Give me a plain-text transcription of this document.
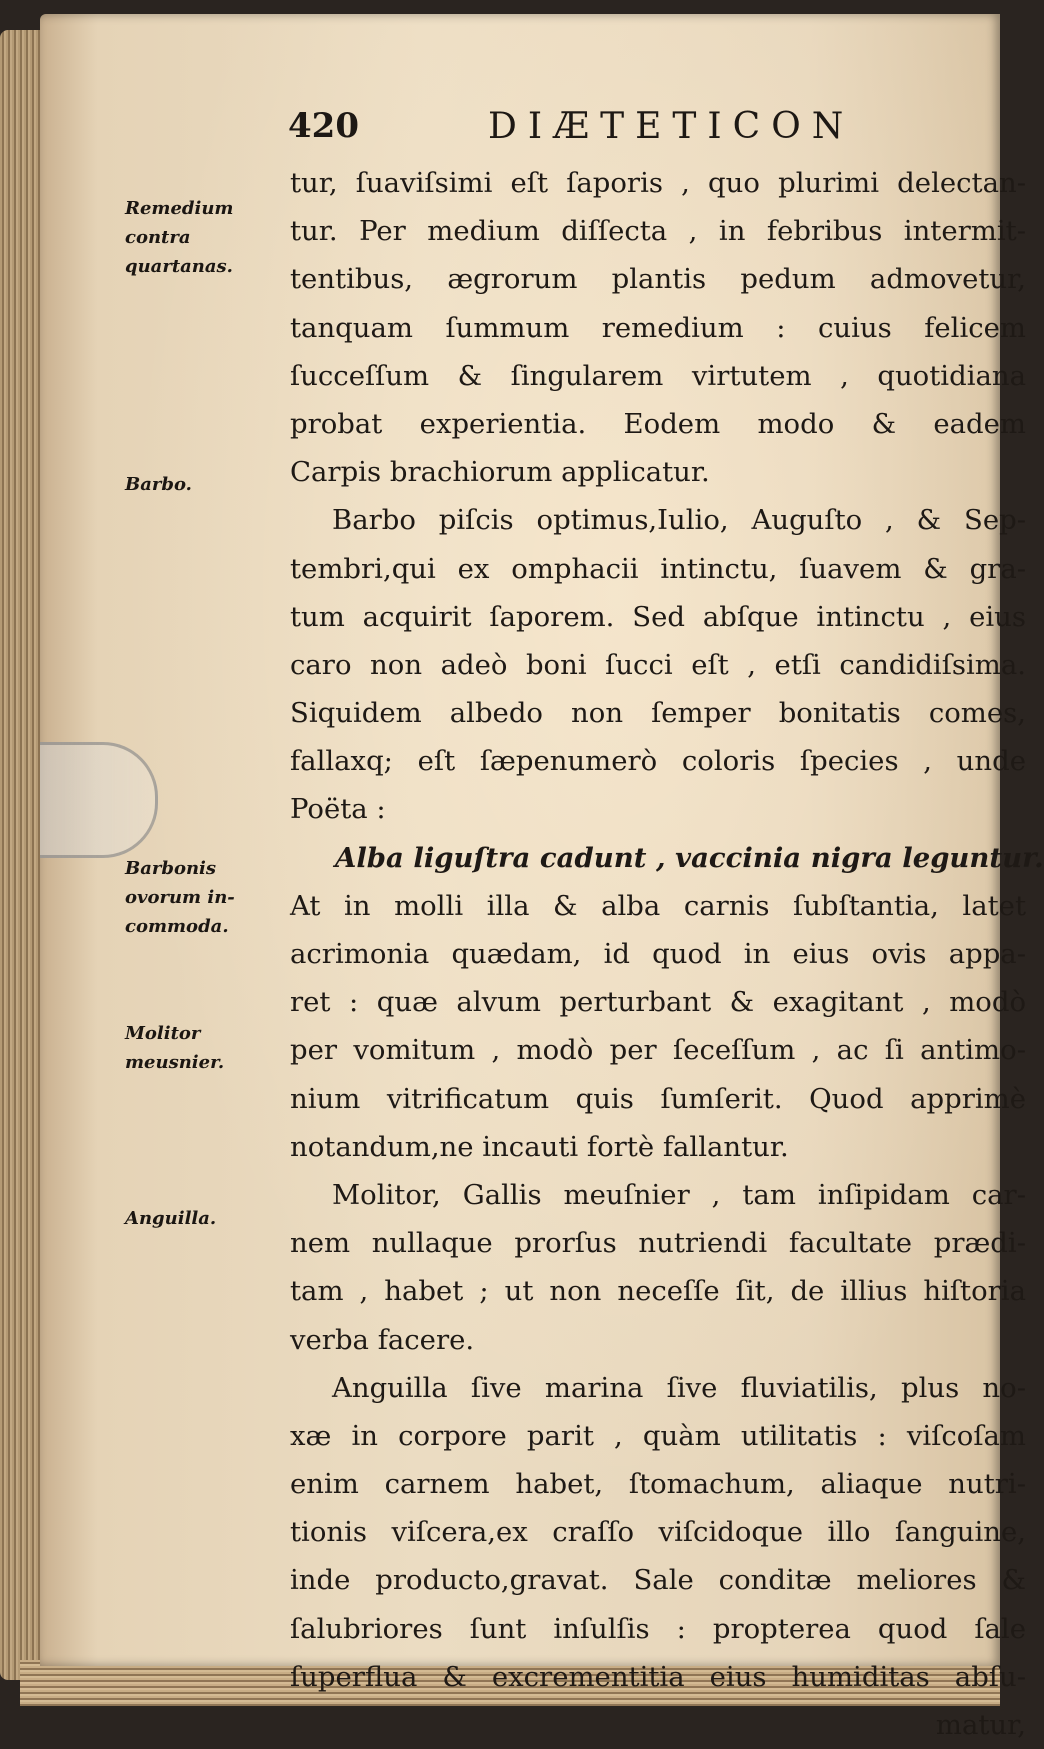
420	DIÆTETICON
Remedium
contra
quartanas.
Barbo.
Barbonis
ovorum in-
commoda.
Molitor
meusnier.
Anguilla.
tur, ſuaviſsimi eſt ſaporis , quo plurimi delectan-
tur. Per medium diſſecta , in febribus intermit-
tentibus, ægrorum plantis pedum admovetur,
tanquam ſummum remedium : cuius felicem
ſucceſſum & ſingularem virtutem , quotidiana
probat experientia. Eodem modo & eadem
Carpis brachiorum applicatur.
Barbo piſcis optimus,Iulio, Auguſto , & Sep-
tembri,qui ex omphacii intinctu, ſuavem & gra-
tum acquirit ſaporem. Sed abſque intinctu , eius
caro non adeò boni ſucci eſt , etſi candidiſsima.
Siquidem albedo non ſemper bonitatis comes,
fallaxq; eſt ſæpenumerò coloris ſpecies , unde
Poëta :
Alba liguſtra cadunt , vaccinia nigra leguntur.
At in molli illa & alba carnis ſubſtantia, latet
acrimonia quædam, id quod in eius ovis appa-
ret : quæ alvum perturbant & exagitant , modò
per vomitum , modò per ſeceſſum , ac ſi antimo-
nium vitrificatum quis ſumſerit. Quod apprimè
notandum,ne incauti fortè fallantur.
Molitor, Gallis meuſnier , tam inſipidam car-
nem nullaque prorſus nutriendi facultate prædi-
tam , habet ; ut non neceſſe ſit, de illius hiſtoria
verba facere.
Anguilla ſive marina ſive fluviatilis, plus no-
xæ in corpore parit , quàm utilitatis : viſcoſam
enim carnem habet, ſtomachum, aliaque nutri-
tionis viſcera,ex craſſo viſcidoque illo ſanguine,
inde producto,gravat. Sale conditæ meliores &
ſalubriores ſunt inſulſis : propterea quod ſale
ſuperflua & excrementitia eius humiditas abſu-
matur,
